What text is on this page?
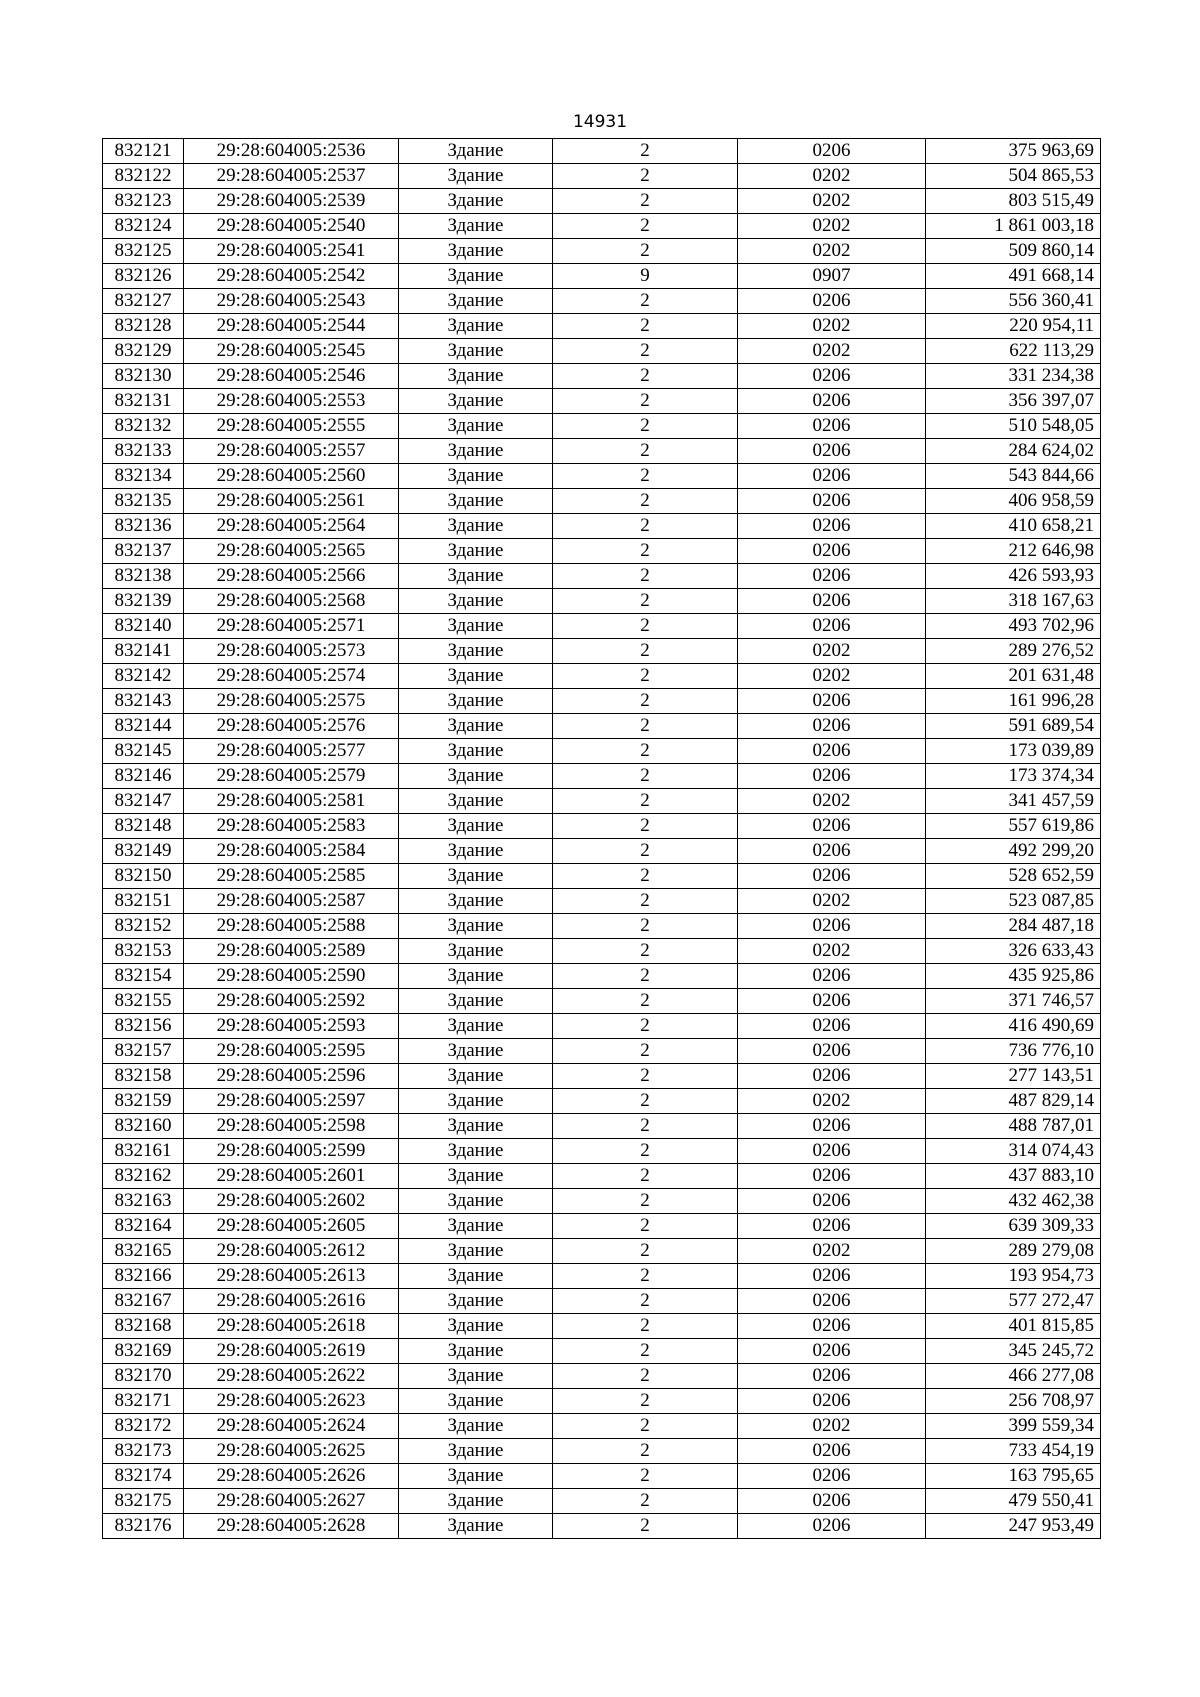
14931
832121	29:28:604005:2536	Здание	2	0206	375 963,69
832122	29:28:604005:2537	Здание	2	0202	504 865,53
832123	29:28:604005:2539	Здание	2	0202	803 515,49
832124	29:28:604005:2540	Здание	2	0202	1 861 003,18
832125	29:28:604005:2541	Здание	2	0202	509 860,14
832126	29:28:604005:2542	Здание	9	0907	491 668,14
832127	29:28:604005:2543	Здание	2	0206	556 360,41
832128	29:28:604005:2544	Здание	2	0202	220 954,11
832129	29:28:604005:2545	Здание	2	0202	622 113,29
832130	29:28:604005:2546	Здание	2	0206	331 234,38
832131	29:28:604005:2553	Здание	2	0206	356 397,07
832132	29:28:604005:2555	Здание	2	0206	510 548,05
832133	29:28:604005:2557	Здание	2	0206	284 624,02
832134	29:28:604005:2560	Здание	2	0206	543 844,66
832135	29:28:604005:2561	Здание	2	0206	406 958,59
832136	29:28:604005:2564	Здание	2	0206	410 658,21
832137	29:28:604005:2565	Здание	2	0206	212 646,98
832138	29:28:604005:2566	Здание	2	0206	426 593,93
832139	29:28:604005:2568	Здание	2	0206	318 167,63
832140	29:28:604005:2571	Здание	2	0206	493 702,96
832141	29:28:604005:2573	Здание	2	0202	289 276,52
832142	29:28:604005:2574	Здание	2	0202	201 631,48
832143	29:28:604005:2575	Здание	2	0206	161 996,28
832144	29:28:604005:2576	Здание	2	0206	591 689,54
832145	29:28:604005:2577	Здание	2	0206	173 039,89
832146	29:28:604005:2579	Здание	2	0206	173 374,34
832147	29:28:604005:2581	Здание	2	0202	341 457,59
832148	29:28:604005:2583	Здание	2	0206	557 619,86
832149	29:28:604005:2584	Здание	2	0206	492 299,20
832150	29:28:604005:2585	Здание	2	0206	528 652,59
832151	29:28:604005:2587	Здание	2	0202	523 087,85
832152	29:28:604005:2588	Здание	2	0206	284 487,18
832153	29:28:604005:2589	Здание	2	0202	326 633,43
832154	29:28:604005:2590	Здание	2	0206	435 925,86
832155	29:28:604005:2592	Здание	2	0206	371 746,57
832156	29:28:604005:2593	Здание	2	0206	416 490,69
832157	29:28:604005:2595	Здание	2	0206	736 776,10
832158	29:28:604005:2596	Здание	2	0206	277 143,51
832159	29:28:604005:2597	Здание	2	0202	487 829,14
832160	29:28:604005:2598	Здание	2	0206	488 787,01
832161	29:28:604005:2599	Здание	2	0206	314 074,43
832162	29:28:604005:2601	Здание	2	0206	437 883,10
832163	29:28:604005:2602	Здание	2	0206	432 462,38
832164	29:28:604005:2605	Здание	2	0206	639 309,33
832165	29:28:604005:2612	Здание	2	0202	289 279,08
832166	29:28:604005:2613	Здание	2	0206	193 954,73
832167	29:28:604005:2616	Здание	2	0206	577 272,47
832168	29:28:604005:2618	Здание	2	0206	401 815,85
832169	29:28:604005:2619	Здание	2	0206	345 245,72
832170	29:28:604005:2622	Здание	2	0206	466 277,08
832171	29:28:604005:2623	Здание	2	0206	256 708,97
832172	29:28:604005:2624	Здание	2	0202	399 559,34
832173	29:28:604005:2625	Здание	2	0206	733 454,19
832174	29:28:604005:2626	Здание	2	0206	163 795,65
832175	29:28:604005:2627	Здание	2	0206	479 550,41
832176	29:28:604005:2628	Здание	2	0206	247 953,49
